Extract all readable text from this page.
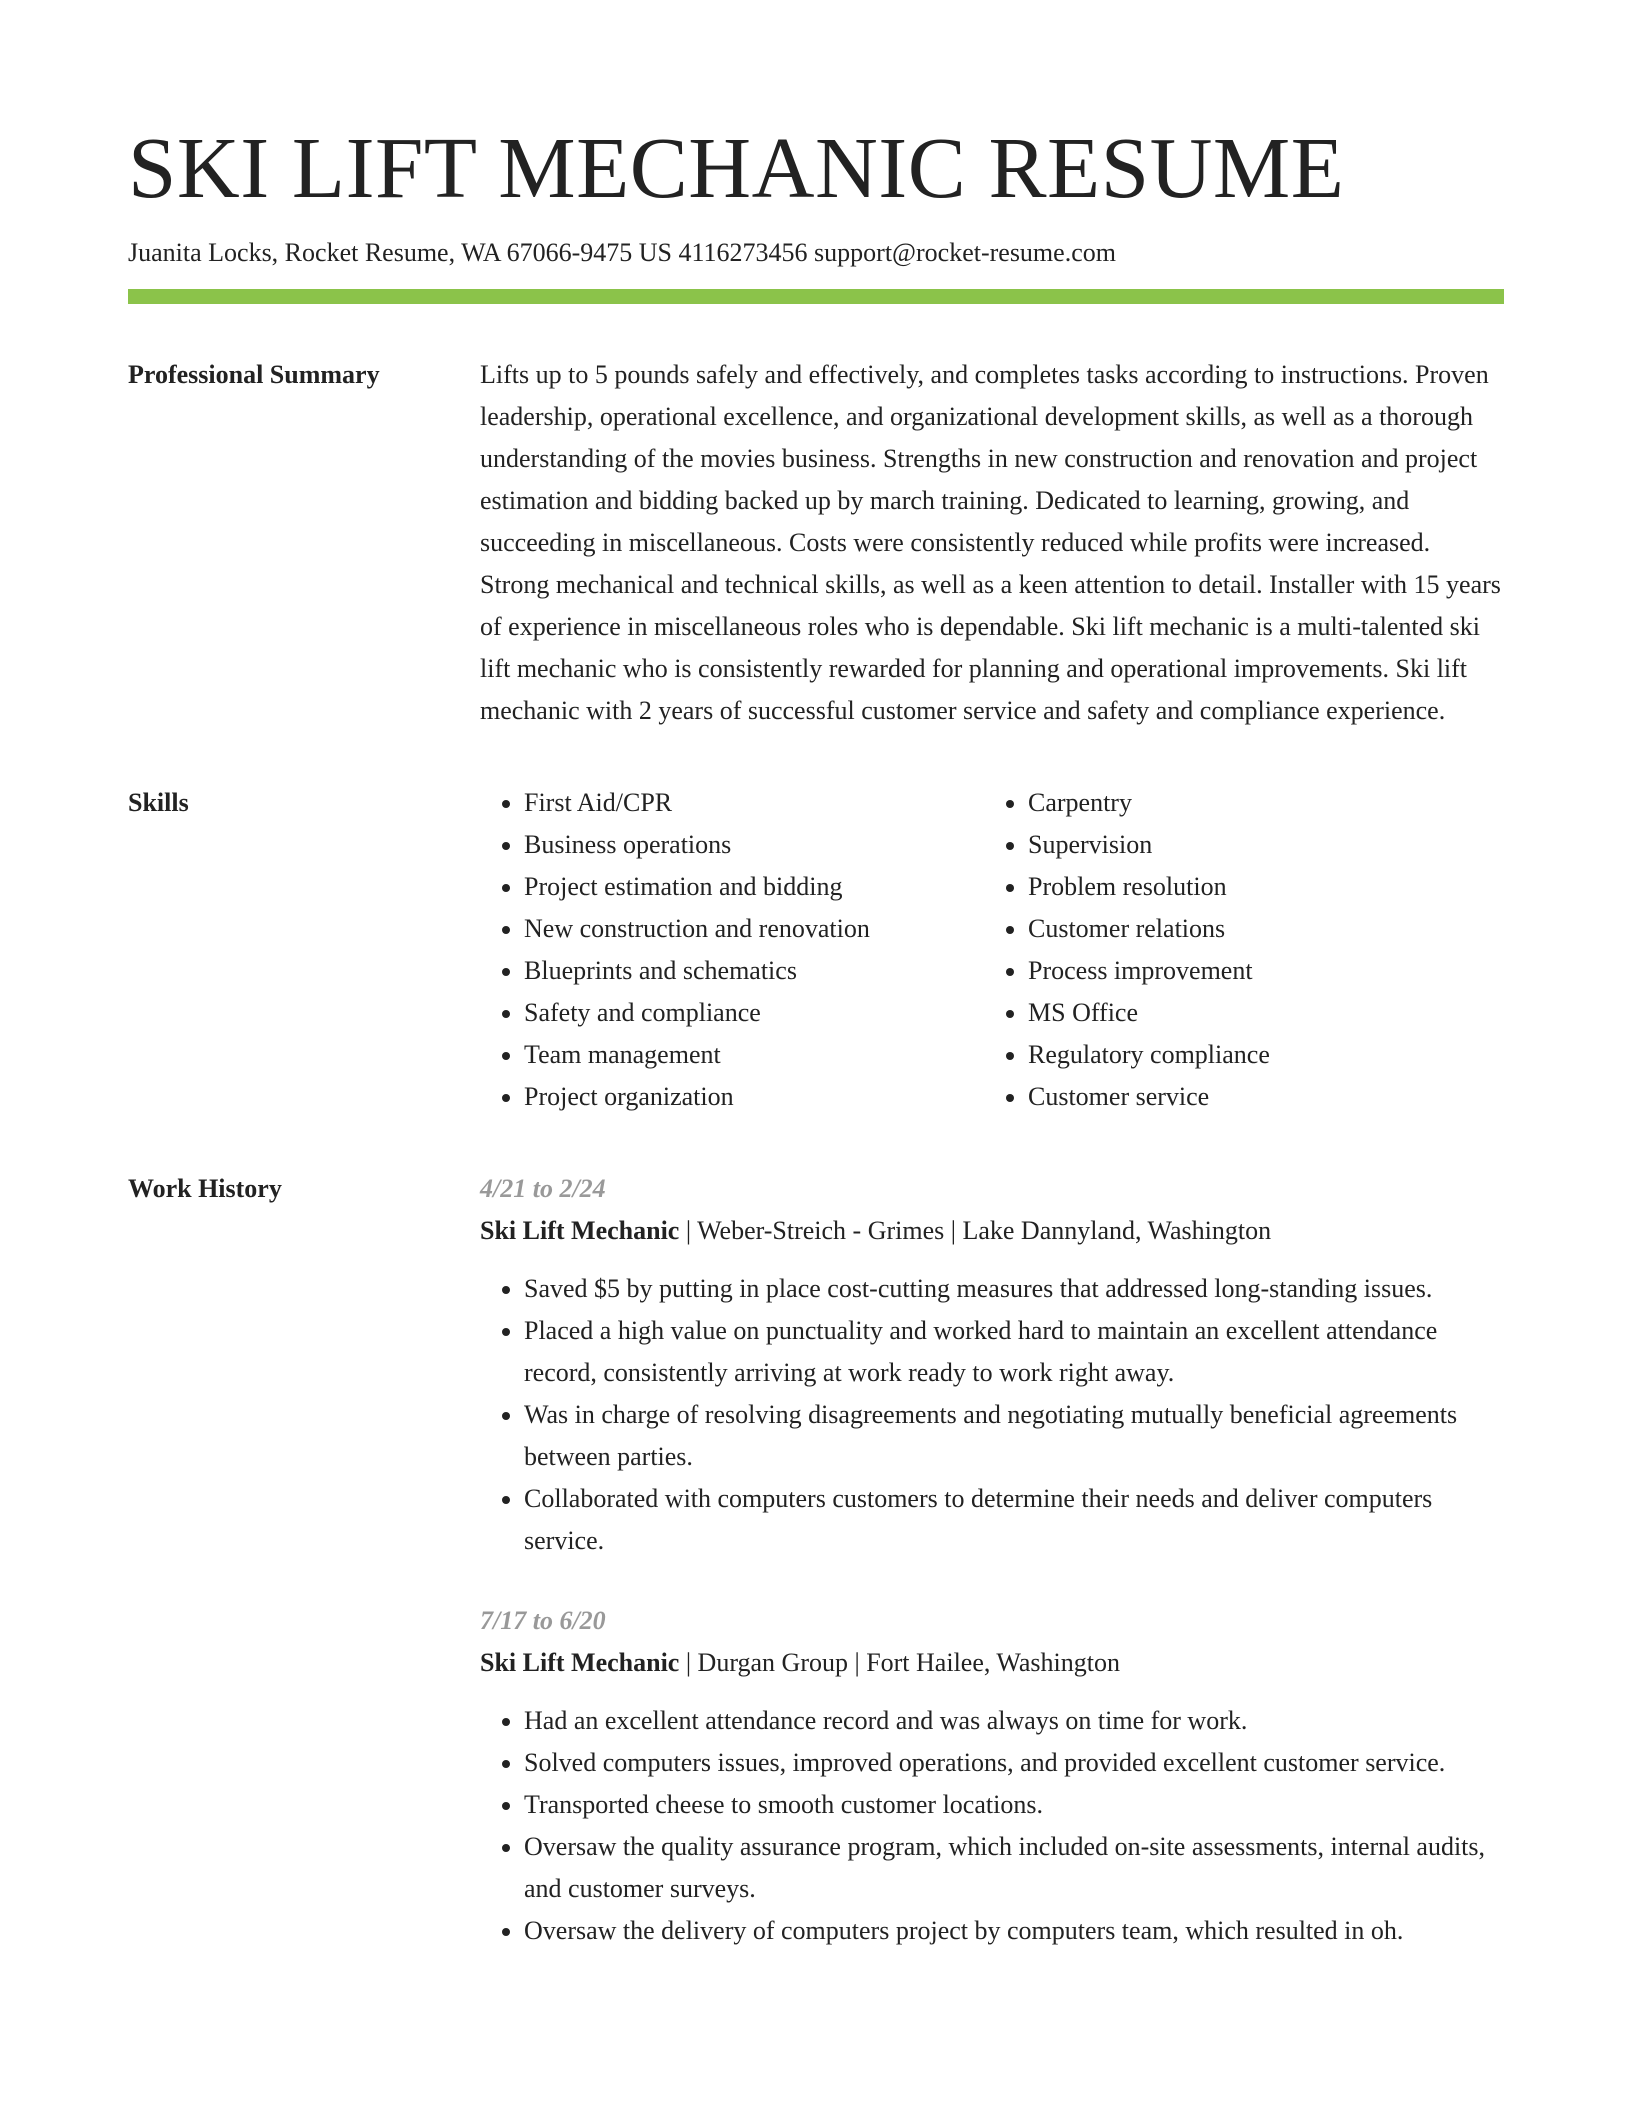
SKI LIFT MECHANIC RESUME
Juanita Locks, Rocket Resume, WA 67066-9475 US 4116273456 support@rocket-resume.com
Professional Summary	Lifts up to 5 pounds safely and effectively, and completes tasks according to instructions. Proven leadership, operational excellence, and organizational development skills, as well as a thorough understanding of the movies business. Strengths in new construction and renovation and project estimation and bidding backed up by march training. Dedicated to learning, growing, and succeeding in miscellaneous. Costs were consistently reduced while profits were increased. Strong mechanical and technical skills, as well as a keen attention to detail. Installer with 15 years of experience in miscellaneous roles who is dependable. Ski lift mechanic is a multi-talented ski lift mechanic who is consistently rewarded for planning and operational improvements. Ski lift mechanic with 2 years of successful customer service and safety and compliance experience.

Skills
•	First Aid/CPR
• Business operations
• Project estimation and bidding
• New construction and renovation
• Blueprints and schematics
• Safety and compliance
• Team management
• Project organization
• Carpentry
• Supervision
• Problem resolution
• Customer relations
• Process improvement
• MS Office
• Regulatory compliance
• Customer service
Work History	4/21 to 2/24
Ski Lift Mechanic | Weber-Streich - Grimes | Lake Dannyland, Washington
• Saved $5 by putting in place cost-cutting measures that addressed long-standing issues.
• Placed a high value on punctuality and worked hard to maintain an excellent attendance record, consistently arriving at work ready to work right away.
• Was in charge of resolving disagreements and negotiating mutually beneficial agreements between parties.
• Collaborated with computers customers to determine their needs and deliver computers service.
7/17 to 6/20
Ski Lift Mechanic | Durgan Group | Fort Hailee, Washington
• Had an excellent attendance record and was always on time for work.
• Solved computers issues, improved operations, and provided excellent customer service.
• Transported cheese to smooth customer locations.
• Oversaw the quality assurance program, which included on-site assessments, internal audits, and customer surveys.
• Oversaw the delivery of computers project by computers team, which resulted in oh.
